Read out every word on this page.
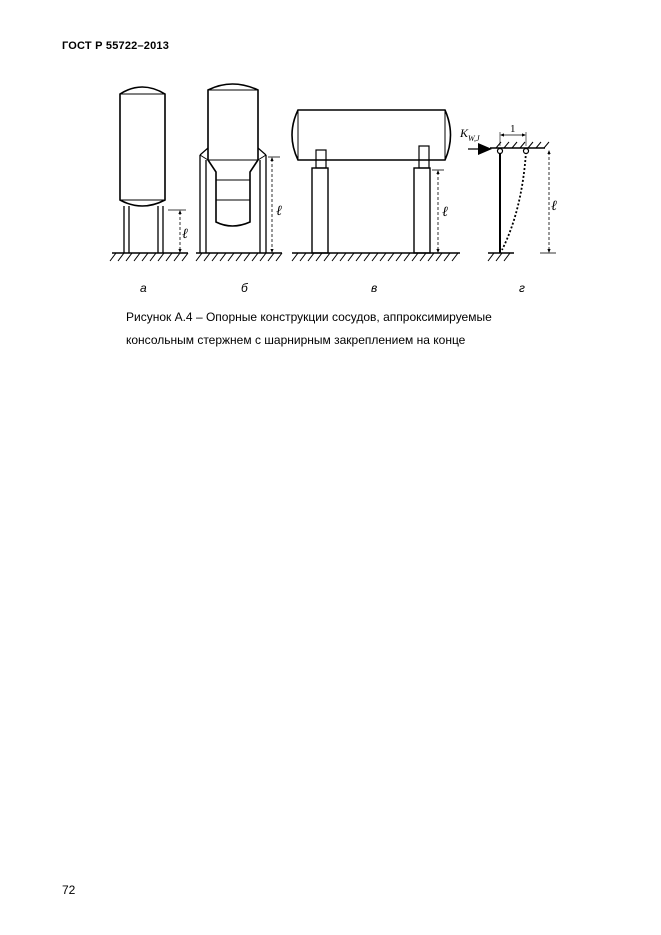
ГОСТ Р 55722–2013
ℓ
ℓ	ℓ
$K_{W,J}$
1
ℓ
а	б	в	г
Рисунок А.4 – Опорные конструкции сосудов, аппроксимируемые
консольным стержнем с шарнирным закреплением на конце
72
